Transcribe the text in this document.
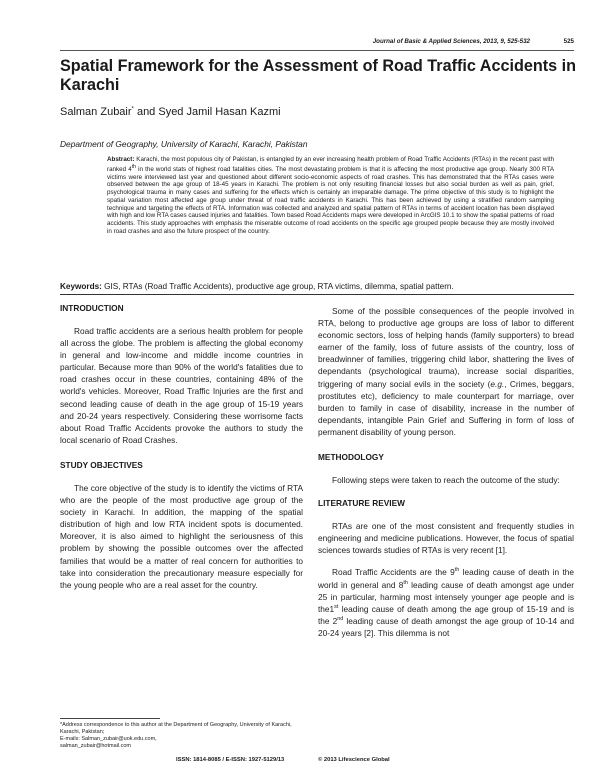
Journal of Basic & Applied Sciences, 2013, 9, 525-532	525
Spatial Framework for the Assessment of Road Traffic Accidents in Karachi
Salman Zubair* and Syed Jamil Hasan Kazmi
Department of Geography, University of Karachi, Karachi, Pakistan
Abstract: Karachi, the most populous city of Pakistan, is entangled by an ever increasing health problem of Road Traffic Accidents (RTAs) in the recent past with ranked 4th in the world stats of highest road fatalities cities. The most devastating problem is that it is affecting the most productive age group. Nearly 300 RTA victims were interviewed last year and questioned about different socio-economic aspects of road crashes. This has demonstrated that the RTAs cases were observed between the age group of 18-45 years in Karachi. The problem is not only resulting financial losses but also social burden as well as pain, grief, psychological trauma in many cases and suffering for the effects which is certainly an irreparable damage. The prime objective of this study is to highlight the spatial variation most affected age group under threat of road traffic accidents in Karachi. This has been achieved by using a stratified random sampling technique and targeting the effects of RTA. Information was collected and analyzed and spatial pattern of RTAs in terms of accident location has been displayed with high and low RTA cases caused injuries and fatalities. Town based Road Accidents maps were developed in ArcGIS 10.1 to show the spatial patterns of road accidents. This study approaches with emphasis the miserable outcome of road accidents on the specific age grouped people because they are mostly involved in road crashes and also the future prospect of the country.
Keywords: GIS, RTAs (Road Traffic Accidents), productive age group, RTA victims, dilemma, spatial pattern.
INTRODUCTION

Road traffic accidents are a serious health problem for people all across the globe. The problem is affecting the global economy in general and low-income and middle income countries in particular. Because more than 90% of the world's fatalities due to road crashes occur in these countries, containing 48% of the world's vehicles. Moreover, Road Traffic Injuries are the first and second leading cause of death in the age group of 15-19 years and 20-24 years respectively. Considering these worrisome facts about Road Traffic Accidents provoke the authors to study the local scenario of Road Crashes.

STUDY OBJECTIVES

The core objective of the study is to identify the victims of RTA who are the people of the most productive age group of the society in Karachi. In addition, the mapping of the spatial distribution of high and low RTA incident spots is documented. Moreover, it is also aimed to highlight the seriousness of this problem by showing the possible outcomes over the affected families that would be a matter of real concern for authorities to take into consideration the precautionary measure especially for the young people who are a real asset for the country.

Some of the possible consequences of the people involved in RTA, belong to productive age groups are loss of labor to different economic sectors, loss of helping hands (family supporters) to bread earner of the family, loss of future assists of the country, loss of breadwinner of families, triggering child labor, shattering the lives of dependants (psychological trauma), increase social disparities, triggering of many social evils in the society (e.g., Crimes, beggars, prostitutes etc), deficiency to male counterpart for marriage, over burden to family in case of disability, increase in the number of dependants, intangible Pain Grief and Suffering in form of loss of permanent disability of young person.

METHODOLOGY

Following steps were taken to reach the outcome of the study:

LITERATURE REVIEW

RTAs are one of the most consistent and frequently studies in engineering and medicine publications. However, the focus of spatial sciences towards studies of RTAs is very recent [1].

Road Traffic Accidents are the 9th leading cause of death in the world in general and 8th leading cause of death amongst age under 25 in particular, harming most intensely younger age people and is the1st leading cause of death among the age group of 15-19 and is the 2nd leading cause of death amongst the age group of 10-14 and 20-24 years [2]. This dilemma is not

*Address correspondence to this author at the Department of Geography, University of Karachi, Karachi, Pakistan;
E-mails: Salman_zubair@uok.edu.com,
salman_zubair@hotmail.com
ISSN: 1814-8085 / E-ISSN: 1927-5129/13	© 2013 Lifescience Global
